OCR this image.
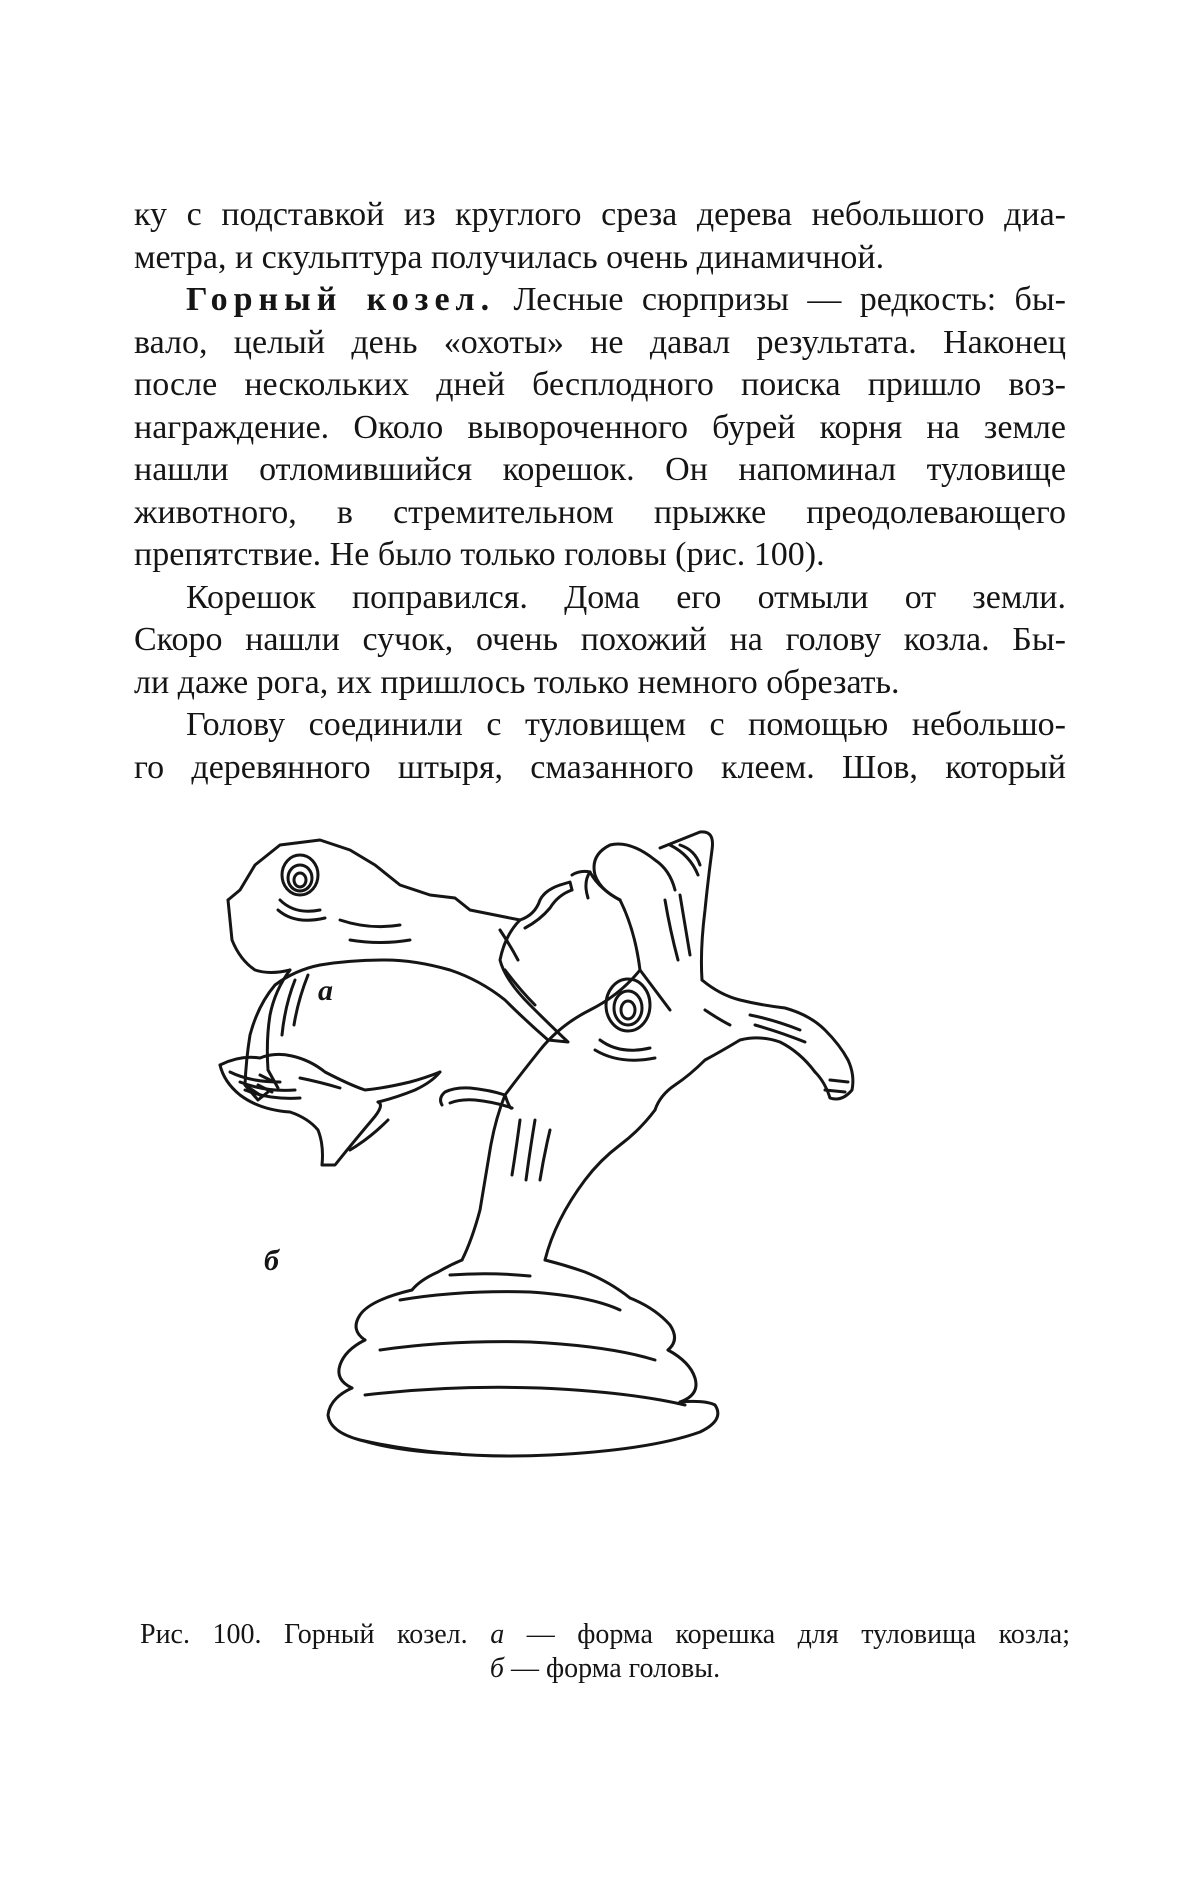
ку с подставкой из круглого среза дерева небольшого диа-
метра, и скульптура получилась очень динамичной.
Горный козел. Лесные сюрпризы — редкость: бы-
вало, целый день «охоты» не давал результата. Наконец
после нескольких дней бесплодного поиска пришло воз-
награждение. Около вывороченного бурей корня на земле
нашли отломившийся корешок. Он напоминал туловище
животного, в стремительном прыжке преодолевающего
препятствие. Не было только головы (рис. 100).
Корешок поправился. Дома его отмыли от земли.
Скоро нашли сучок, очень похожий на голову козла. Бы-
ли даже рога, их пришлось только немного обрезать.
Голову соединили с туловищем с помощью небольшо-
го деревянного штыря, смазанного клеем. Шов, который
а
б
Рис. 100. Горный козел. а — форма корешка для туловища козла;
б — форма головы.
